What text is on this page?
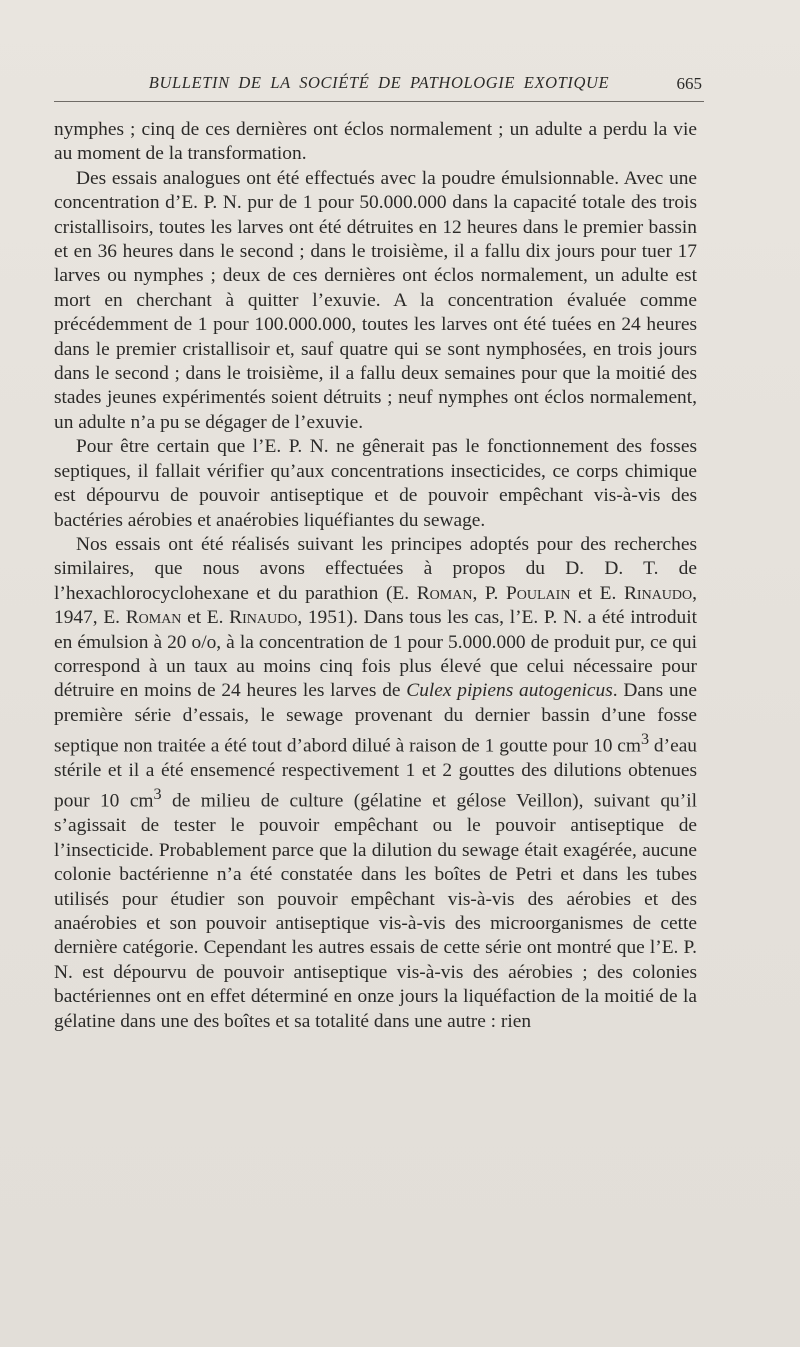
BULLETIN DE LA SOCIÉTÉ DE PATHOLOGIE EXOTIQUE	665

nymphes ; cinq de ces dernières ont éclos normalement ; un adulte a perdu la vie au moment de la transformation.

Des essais analogues ont été effectués avec la poudre émulsionnable. Avec une concentration d’E. P. N. pur de 1 pour 50.000.000 dans la capacité totale des trois cristallisoirs, toutes les larves ont été détruites en 12 heures dans le premier bassin et en 36 heures dans le second ; dans le troisième, il a fallu dix jours pour tuer 17 larves ou nymphes ; deux de ces dernières ont éclos normalement, un adulte est mort en cherchant à quitter l’exuvie. A la concentration évaluée comme précédemment de 1 pour 100.000.000, toutes les larves ont été tuées en 24 heures dans le premier cristallisoir et, sauf quatre qui se sont nymphosées, en trois jours dans le second ; dans le troisième, il a fallu deux semaines pour que la moitié des stades jeunes expérimentés soient détruits ; neuf nymphes ont éclos normalement, un adulte n’a pu se dégager de l’exuvie.

Pour être certain que l’E. P. N. ne gênerait pas le fonctionnement des fosses septiques, il fallait vérifier qu’aux concentrations insecticides, ce corps chimique est dépourvu de pouvoir antiseptique et de pouvoir empêchant vis-à-vis des bactéries aérobies et anaérobies liquéfiantes du sewage.

Nos essais ont été réalisés suivant les principes adoptés pour des recherches similaires, que nous avons effectuées à propos du D. D. T. de l’hexachlorocyclohexane et du parathion (E. Roman, P. Poulain et E. Rinaudo, 1947, E. Roman et E. Rinaudo, 1951). Dans tous les cas, l’E. P. N. a été introduit en émulsion à 20 o/o, à la concentration de 1 pour 5.000.000 de produit pur, ce qui correspond à un taux au moins cinq fois plus élevé que celui nécessaire pour détruire en moins de 24 heures les larves de Culex pipiens autogenicus. Dans une première série d’essais, le sewage provenant du dernier bassin d’une fosse septique non traitée a été tout d’abord dilué à raison de 1 goutte pour 10 $cm^3$ d’eau stérile et il a été ensemencé respectivement 1 et 2 gouttes des dilutions obtenues pour 10 $cm^3$ de milieu de culture (gélatine et gélose Veillon), suivant qu’il s’agissait de tester le pouvoir empêchant ou le pouvoir antiseptique de l’insecticide. Probablement parce que la dilution du sewage était exagérée, aucune colonie bactérienne n’a été constatée dans les boîtes de Petri et dans les tubes utilisés pour étudier son pouvoir empêchant vis-à-vis des aérobies et des anaérobies et son pouvoir antiseptique vis-à-vis des microorganismes de cette dernière catégorie. Cependant les autres essais de cette série ont montré que l’E. P. N. est dépourvu de pouvoir antiseptique vis-à-vis des aérobies ; des colonies bactériennes ont en effet déterminé en onze jours la liquéfaction de la moitié de la gélatine dans une des boîtes et sa totalité dans une autre : rien
